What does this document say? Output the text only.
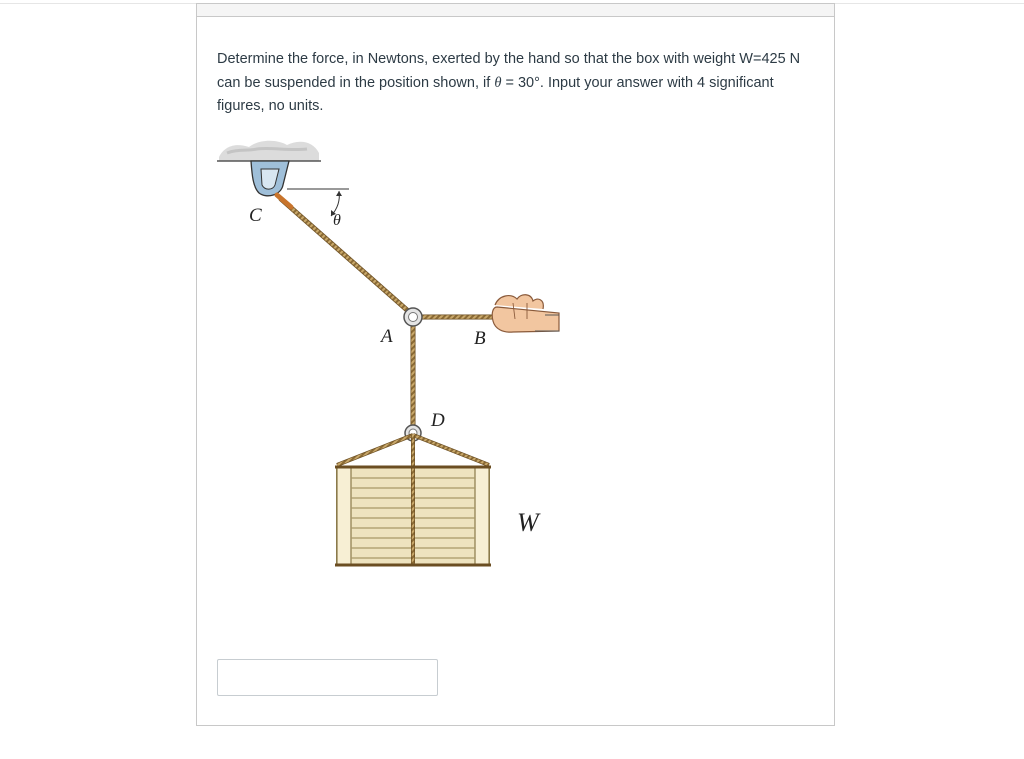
Determine the force, in Newtons, exerted by the hand so that the box with weight W=425 N can be suspended in the position shown, if θ = 30°. Input your answer with 4 significant figures, no units.
C	θ
A	B
D
W
